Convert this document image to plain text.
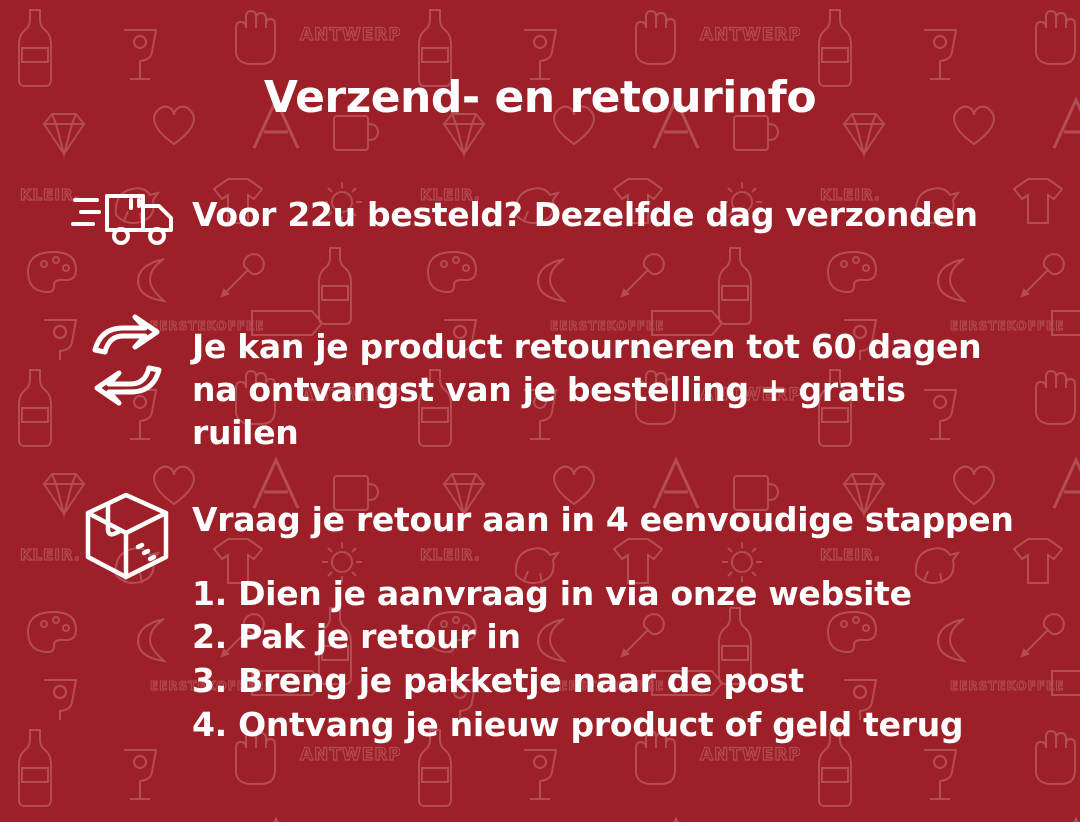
ANTWERPEN
KLEIR.
EERSTEKOFFEE
Verzend- en retourinfo
Voor 22u besteld? Dezelfde dag verzonden
Je kan je product retourneren tot 60 dagen na ontvangst van je bestelling + gratis ruilen
Vraag je retour aan in 4 eenvoudige stappen
1. Dien je aanvraag in via onze website
2. Pak je retour in
3. Breng je pakketje naar de post
4. Ontvang je nieuw product of geld terug
